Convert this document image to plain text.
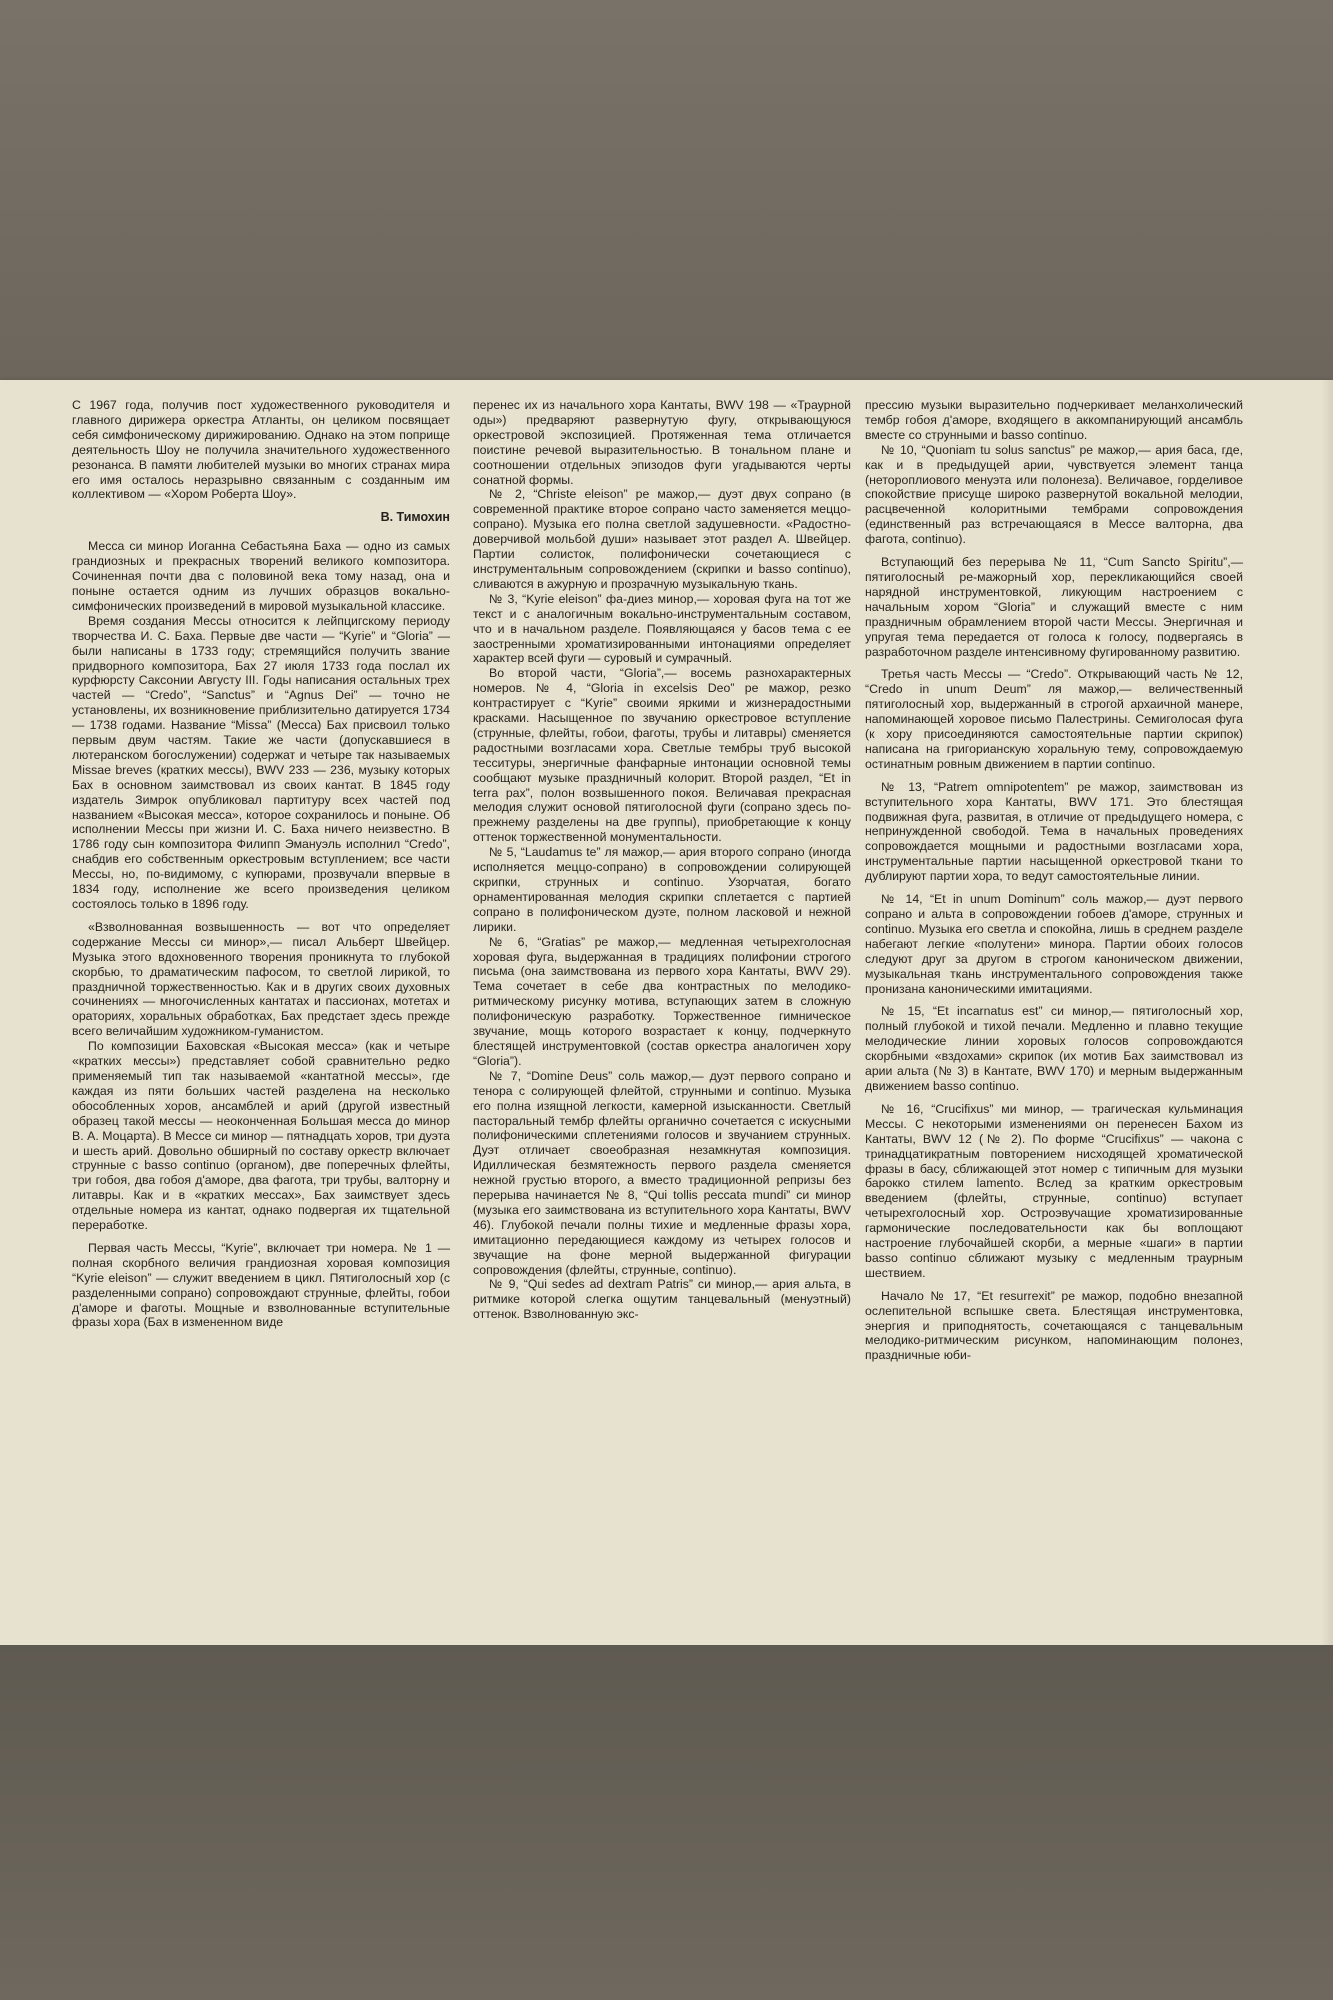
С 1967 года, получив пост художественного руководителя и главного дирижера оркестра Атланты, он целиком посвящает себя симфоническому дирижированию. Однако на этом поприще деятельность Шоу не получила значительного художественного резонанса. В памяти любителей музыки во многих странах мира его имя осталось неразрывно связанным с созданным им коллективом — «Хором Роберта Шоу».

В. Тимохин

Месса си минор Иоганна Себастьяна Баха — одно из самых грандиозных и прекрасных творений великого композитора. Сочиненная почти два с половиной века тому назад, она и поныне остается одним из лучших образцов вокально-симфонических произведений в мировой музыкальной классике.

Время создания Мессы относится к лейпцигскому периоду творчества И. С. Баха. Первые две части — “Kyrie” и “Gloria” — были написаны в 1733 году; стремящийся получить звание придворного композитора, Бах 27 июля 1733 года послал их курфюрсту Саксонии Августу III. Годы написания остальных трех частей — “Credo”, “Sanctus” и “Agnus Dei” — точно не установлены, их возникновение приблизительно датируется 1734 — 1738 годами. Название “Missa” (Месса) Бах присвоил только первым двум частям. Такие же части (допускавшиеся в лютеранском богослужении) содержат и четыре так называемых Missae breves (кратких мессы), BWV 233 — 236, музыку которых Бах в основном заимствовал из своих кантат. В 1845 году издатель Зимрок опубликовал партитуру всех частей под названием «Высокая месса», которое сохранилось и поныне. Об исполнении Мессы при жизни И. С. Баха ничего неизвестно. В 1786 году сын композитора Филипп Эмануэль исполнил “Credo”, снабдив его собственным оркестровым вступлением; все части Мессы, но, по-видимому, с купюрами, прозвучали впервые в 1834 году, исполнение же всего произведения целиком состоялось только в 1896 году.

«Взволнованная возвышенность — вот что определяет содержание Мессы си минор»,— писал Альберт Швейцер. Музыка этого вдохновенного творения проникнута то глубокой скорбью, то драматическим пафосом, то светлой лирикой, то праздничной торжественностью. Как и в других своих духовных сочинениях — многочисленных кантатах и пассионах, мотетах и ораториях, хоральных обработках, Бах предстает здесь прежде всего величайшим художником-гуманистом.

По композиции Баховская «Высокая месса» (как и четыре «кратких мессы») представляет собой сравнительно редко применяемый тип так называемой «кантатной мессы», где каждая из пяти больших частей разделена на несколько обособленных хоров, ансамблей и арий (другой известный образец такой мессы — неоконченная Большая месса до минор В. А. Моцарта). В Мессе си минор — пятнадцать хоров, три дуэта и шесть арий. Довольно обширный по составу оркестр включает струнные с basso continuo (органом), две поперечных флейты, три гобоя, два гобоя д'аморе, два фагота, три трубы, валторну и литавры. Как и в «кратких мессах», Бах заимствует здесь отдельные номера из кантат, однако подвергая их тщательной переработке.

Первая часть Мессы, “Kyrie”, включает три номера. № 1 — полная скорбного величия грандиозная хоровая композиция “Kyrie eleison” — служит введением в цикл. Пятиголосный хор (с разделенными сопрано) сопровождают струнные, флейты, гобои д'аморе и фаготы. Мощные и взволнованные вступительные фразы хора (Бах в измененном виде

перенес их из начального хора Кантаты, BWV 198 — «Траурной оды») предваряют развернутую фугу, открывающуюся оркестровой экспозицией. Протяженная тема отличается поистине речевой выразительностью. В тональном плане и соотношении отдельных эпизодов фуги угадываются черты сонатной формы.

№ 2, “Christe eleison” ре мажор,— дуэт двух сопрано (в современной практике второе сопрано часто заменяется меццо-сопрано). Музыка его полна светлой задушевности. «Радостно-доверчивой мольбой души» называет этот раздел А. Швейцер. Партии солисток, полифонически сочетающиеся с инструментальным сопровождением (скрипки и basso continuo), сливаются в ажурную и прозрачную музыкальную ткань.

№ 3, “Kyrie eleison” фа-диез минор,— хоровая фуга на тот же текст и с аналогичным вокально-инструментальным составом, что и в начальном разделе. Появляющаяся у басов тема с ее заостренными хроматизированными интонациями определяет характер всей фуги — суровый и сумрачный.

Во второй части, “Gloria”,— восемь разнохарактерных номеров. № 4, “Gloria in excelsis Deo” ре мажор, резко контрастирует с “Kyrie” своими яркими и жизнерадостными красками. Насыщенное по звучанию оркестровое вступление (струнные, флейты, гобои, фаготы, трубы и литавры) сменяется радостными возгласами хора. Светлые тембры труб высокой тесситуры, энергичные фанфарные интонации основной темы сообщают музыке праздничный колорит. Второй раздел, “Et in terra pax”, полон возвышенного покоя. Величавая прекрасная мелодия служит основой пятиголосной фуги (сопрано здесь по-прежнему разделены на две группы), приобретающие к концу оттенок торжественной монументальности.

№ 5, “Laudamus te” ля мажор,— ария второго сопрано (иногда исполняется меццо-сопрано) в сопровождении солирующей скрипки, струнных и continuo. Узорчатая, богато орнаментированная мелодия скрипки сплетается с партией сопрано в полифоническом дуэте, полном ласковой и нежной лирики.

№ 6, “Gratias” ре мажор,— медленная четырехголосная хоровая фуга, выдержанная в традициях полифонии строгого письма (она заимствована из первого хора Кантаты, BWV 29). Тема сочетает в себе два контрастных по мелодико-ритмическому рисунку мотива, вступающих затем в сложную полифоническую разработку. Торжественное гимническое звучание, мощь которого возрастает к концу, подчеркнуто блестящей инструментовкой (состав оркестра аналогичен хору “Gloria”).

№ 7, “Domine Deus” соль мажор,— дуэт первого сопрано и тенора с солирующей флейтой, струнными и continuo. Музыка его полна изящной легкости, камерной изысканности. Светлый пасторальный тембр флейты органично сочетается с искусными полифоническими сплетениями голосов и звучанием струнных. Дуэт отличает своеобразная незамкнутая композиция. Идиллическая безмятежность первого раздела сменяется нежной грустью второго, а вместо традиционной репризы без перерыва начинается № 8, “Qui tollis peccata mundi” си минор (музыка его заимствована из вступительного хора Кантаты, BWV 46). Глубокой печали полны тихие и медленные фразы хора, имитационно передающиеся каждому из четырех голосов и звучащие на фоне мерной выдержанной фигурации сопровождения (флейты, струнные, continuo).

№ 9, “Qui sedes ad dextram Patris” си минор,— ария альта, в ритмике которой слегка ощутим танцевальный (менуэтный) оттенок. Взволнованную экс-

прессию музыки выразительно подчеркивает меланхолический тембр гобоя д'аморе, входящего в аккомпанирующий ансамбль вместе со струнными и basso continuo.

№ 10, “Quoniam tu solus sanctus” ре мажор,— ария баса, где, как и в предыдущей арии, чувствуется элемент танца (нетороплиового менуэта или полонеза). Величавое, горделивое спокойствие присуще широко развернутой вокальной мелодии, расцвеченной колоритными тембрами сопровождения (единственный раз встречающаяся в Мессе валторна, два фагота, continuo).

Вступающий без перерыва № 11, “Cum Sancto Spiritu”,— пятиголосный ре-мажорный хор, перекликающийся своей нарядной инструментовкой, ликующим настроением с начальным хором “Gloria” и служащий вместе с ним праздничным обрамлением второй части Мессы. Энергичная и упругая тема передается от голоса к голосу, подвергаясь в разработочном разделе интенсивному фугированному развитию.

Третья часть Мессы — “Credo”. Открывающий часть № 12, “Credo in unum Deum” ля мажор,— величественный пятиголосный хор, выдержанный в строгой архаичной манере, напоминающей хоровое письмо Палестрины. Семиголосая фуга (к хору присоединяются самостоятельные партии скрипок) написана на григорианскую хоральную тему, сопровождаемую остинатным ровным движением в партии continuo.

№ 13, “Patrem omnipotentem” ре мажор, заимствован из вступительного хора Кантаты, BWV 171. Это блестящая подвижная фуга, развитая, в отличие от предыдущего номера, с непринужденной свободой. Тема в начальных проведениях сопровождается мощными и радостными возгласами хора, инструментальные партии насыщенной оркестровой ткани то дублируют партии хора, то ведут самостоятельные линии.

№ 14, “Et in unum Dominum” соль мажор,— дуэт первого сопрано и альта в сопровождении гобоев д'аморе, струнных и continuo. Музыка его светла и спокойна, лишь в среднем разделе набегают легкие «полутени» минора. Партии обоих голосов следуют друг за другом в строгом каноническом движении, музыкальная ткань инструментального сопровождения также пронизана каноническими имитациями.

№ 15, “Et incarnatus est” си минор,— пятиголосный хор, полный глубокой и тихой печали. Медленно и плавно текущие мелодические линии хоровых голосов сопровождаются скорбными «вздохами» скрипок (их мотив Бах заимствовал из арии альта (№ 3) в Кантате, BWV 170) и мерным выдержанным движением basso continuo.

№ 16, “Crucifixus” ми минор, — трагическая кульминация Мессы. С некоторыми изменениями он перенесен Бахом из Кантаты, BWV 12 (№ 2). По форме “Crucifixus” — чакона с тринадцатикратным повторением нисходящей хроматической фразы в басу, сближающей этот номер с типичным для музыки барокко стилем lamento. Вслед за кратким оркестровым введением (флейты, струнные, continuo) вступает четырехголосный хор. Остроэвучащие хроматизированные гармонические последовательности как бы воплощают настроение глубочайшей скорби, а мерные «шаги» в партии basso continuo сближают музыку с медленным траурным шествием.

Начало № 17, “Et resurrexit” ре мажор, подобно внезапной ослепительной вспышке света. Блестящая инструментовка, энергия и приподнятость, сочетающаяся с танцевальным мелодико-ритмическим рисунком, напоминающим полонез, праздничные юби-
